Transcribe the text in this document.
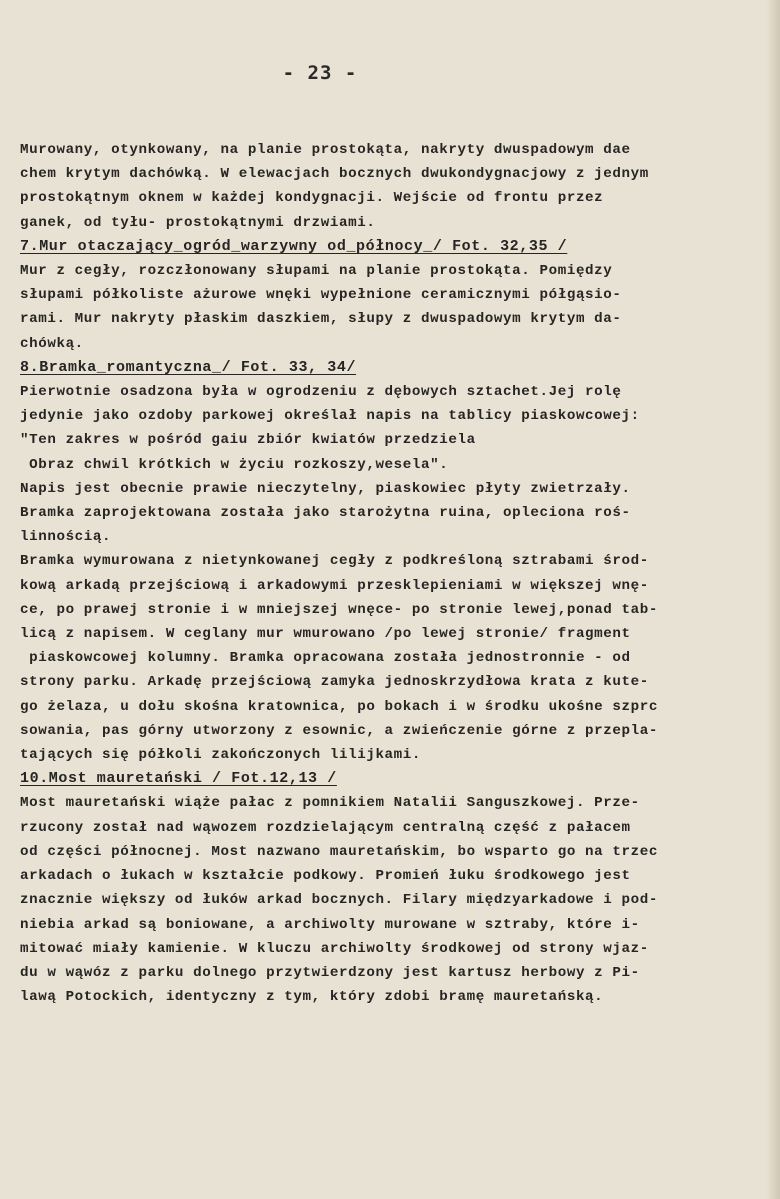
- 23 -
Murowany, otynkowany, na planie prostokąta, nakryty dwuspadowym dae
chem krytym dachówką. W elewacjach bocznych dwukondygnacjowy z jednym
prostokątnym oknem w każdej kondygnacji. Wejście od frontu przez
ganek, od tyłu- prostokątnymi drzwiami.
7.Mur otaczający_ogród_warzywny od_północy_/ Fot. 32,35 /
Mur z cegły, rozczłonowany słupami na planie prostokąta. Pomiędzy
słupami półkoliste ażurowe wnęki wypełnione ceramicznymi półgąsio-
rami. Mur nakryty płaskim daszkiem, słupy z dwuspadowym krytym da-
chówką.
8.Bramka_romantyczna_/ Fot. 33, 34/
Pierwotnie osadzona była w ogrodzeniu z dębowych sztachet.Jej rolę
jedynie jako ozdoby parkowej określał napis na tablicy piaskowcowej:
"Ten zakres w pośród gaiu zbiór kwiatów przedziela
Obraz chwil krótkich w życiu rozkoszy,wesela".
Napis jest obecnie prawie nieczytelny, piaskowiec płyty zwietrzały.
Bramka zaprojektowana została jako starożytna ruina, opleciona roś-
linnością.
Bramka wymurowana z nietynkowanej cegły z podkreśloną sztrabami środ-
kową arkadą przejściową i arkadowymi przesklepieniami w większej wnę-
ce, po prawej stronie i w mniejszej wnęce- po stronie lewej,ponad tab-
licą z napisem. W ceglany mur wmurowano /po lewej stronie/ fragment
piaskowcowej kolumny. Bramka opracowana została jednostronnie - od
strony parku. Arkadę przejściową zamyka jednoskrzydłowa krata z kute-
go żelaza, u dołu skośna kratownica, po bokach i w środku ukośne szprc
sowania, pas górny utworzony z esownic, a zwieńczenie górne z przepla-
tających się półkoli zakończonych lilijkami.
10.Most mauretański / Fot.12,13 /
Most mauretański wiąże pałac z pomnikiem Natalii Sanguszkowej. Prze-
rzucony został nad wąwozem rozdzielającym centralną część z pałacem
od części północnej. Most nazwano mauretańskim, bo wsparto go na trzec
arkadach o łukach w kształcie podkowy. Promień łuku środkowego jest
znacznie większy od łuków arkad bocznych. Filary międzyarkadowe i pod-
niebia arkad są boniowane, a archiwolty murowane w sztraby, które i-
mitować miały kamienie. W kluczu archiwolty środkowej od strony wjaz-
du w wąwóz z parku dolnego przytwierdzony jest kartusz herbowy z Pi-
lawą Potockich, identyczny z tym, który zdobi bramę mauretańską.
